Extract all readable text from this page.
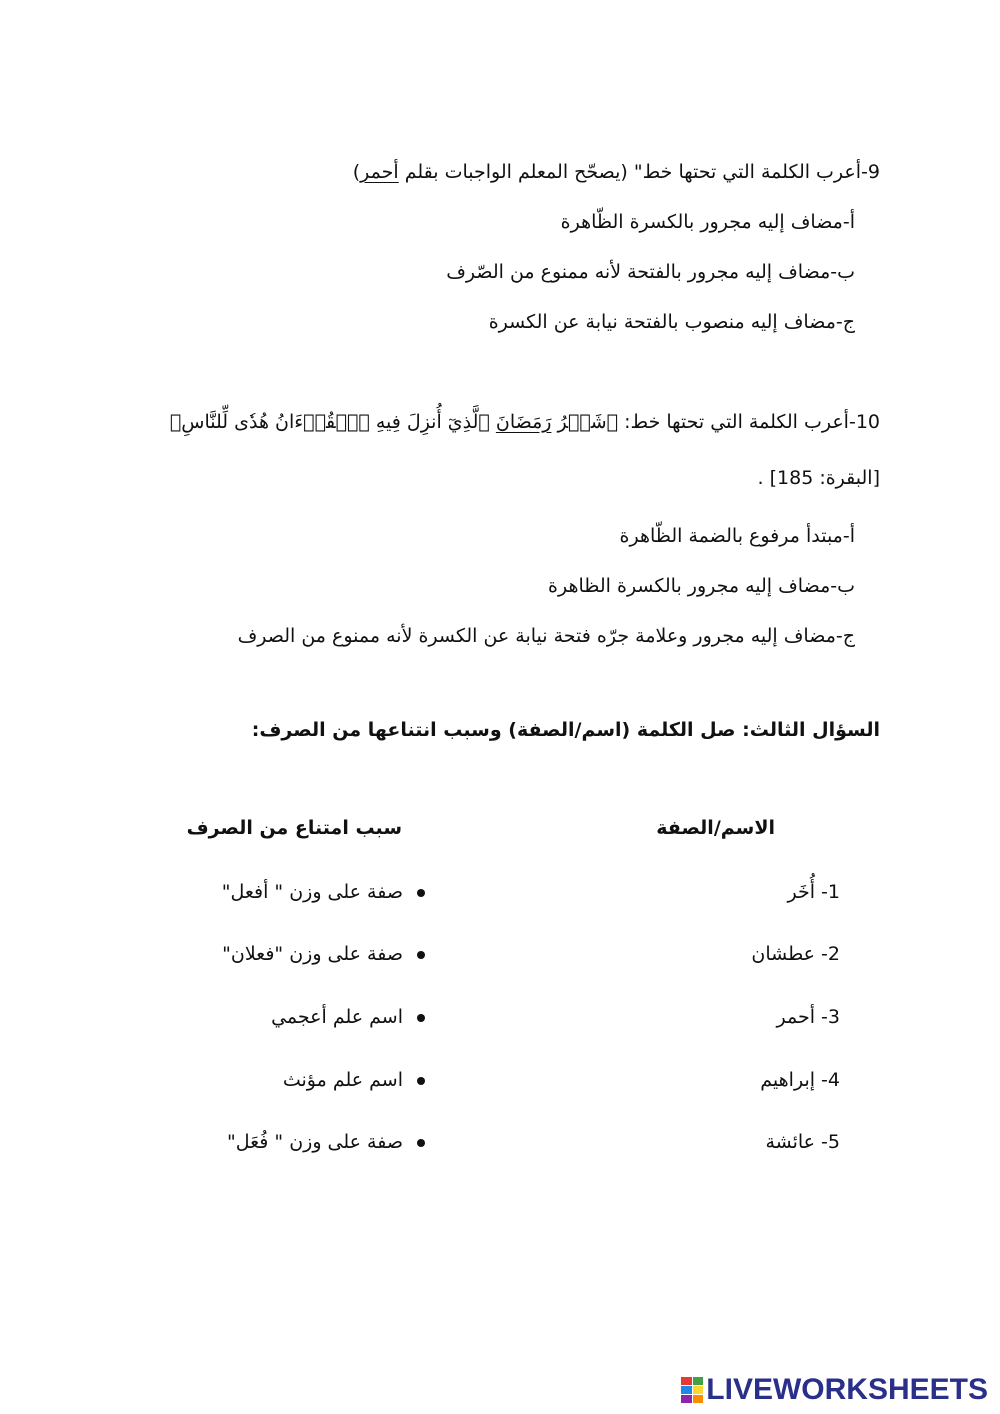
9-أعرب الكلمة التي تحتها خط" (يصحّح المعلم الواجبات بقلم أحمر)
أ-مضاف إليه مجرور بالكسرة الظّاهرة
ب-مضاف إليه مجرور بالفتحة لأنه ممنوع من الصّرف
ج-مضاف إليه منصوب بالفتحة نيابة عن الكسرة
10-أعرب الكلمة التي تحتها خط: ﴿شَهۡرُ رَمَضَانَ ٱلَّذِيٓ أُنزِلَ فِيهِ ٱلۡقُرۡءَانُ هُدٗى لِّلنَّاسِ﴾
[البقرة: 185] .
أ-مبتدأ مرفوع بالضمة الظّاهرة
ب-مضاف إليه مجرور بالكسرة الظاهرة
ج-مضاف إليه مجرور وعلامة جرّه فتحة نيابة عن الكسرة لأنه ممنوع من الصرف
السؤال الثالث: صل الكلمة (اسم/الصفة) وسبب انتناعها من الصرف:
الاسم/الصفة
سبب امتناع من الصرف
1- أُخَر
2- عطشان
3- أحمر
4- إبراهيم
5- عائشة
صفة على وزن " أفعل"
صفة على وزن "فعلان"
اسم علم أعجمي
اسم علم مؤنث
صفة على وزن " فُعَل"
LIVEWORKSHEETS
